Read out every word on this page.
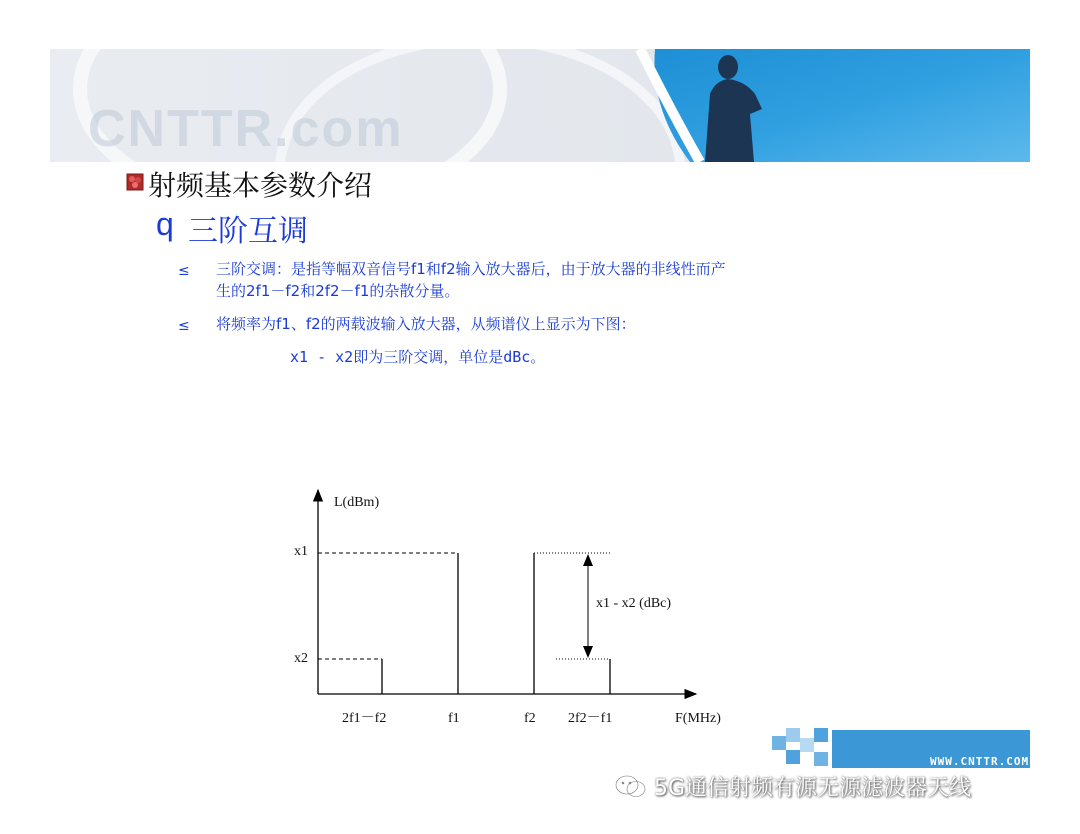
CNTTR.com
射频基本参数介绍
q 三阶互调
≤ 三阶交调：是指等幅双音信号f1和f2输入放大器后，由于放大器的非线性而产
生的2f1－f2和2f2－f1的杂散分量。
≤ 将频率为f1、f2的两载波输入放大器，从频谱仪上显示为下图：
x1 - x2即为三阶交调，单位是dBc。
L(dBm)
F(MHz)
x1
x2
x1 - x2 (dBc)
2f1－f2	f1	f2 2f2－f1
WWW.CNTTR.COM
5G通信射频有源无源滤波器天线
